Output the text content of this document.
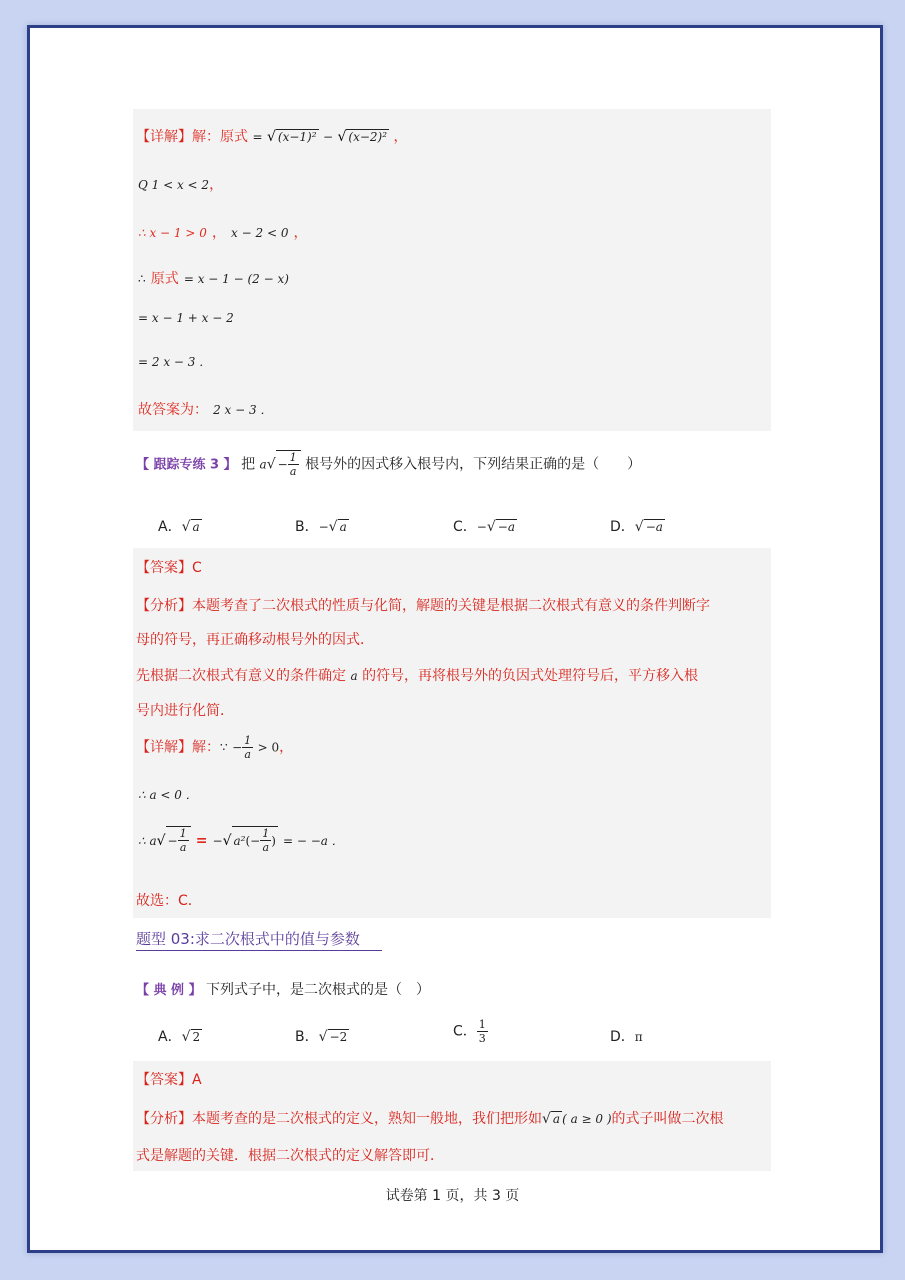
【详解】解：原式 = √ (x−1)² − √ (x−2)² ，
Q 1 < x < 2，
∴ x − 1 > 0 ， x − 2 < 0 ，
∴ 原式 = x − 1 − (2 − x)
= x − 1 + x − 2
= 2 x − 3 ．
故答案为： 2 x − 3 ．
【 跟踪专练 3 】 把 $a√ - \frac{1}{a}$ 根号外的因式移入根号内，下列结果正确的是（　　）
A．√ a	B．−√ a	C．−√ −a	D．√ −a
【答案】C
【分析】本题考查了二次根式的性质与化简，解题的关键是根据二次根式有意义的条件判断字
母的符号，再正确移动根号外的因式．
先根据二次根式有意义的条件确定 a 的符号，再将根号外的负因式处理符号后，平方移入根
号内进行化简．
【详解】解：∵ − $\frac{1}{a} > 0$，
∴ a < 0 ．
∴ $a√ - \frac{1}{a}$ = −√ $a^2(- \frac{1}{a}$ ) = − −a ．
故选：C．
题型 03:求二次根式中的值与参数
【 典 例 】 下列式子中，是二次根式的是（　）
A．√ 2	B．√ −2	C． $\frac{1}{3}$	D．π
【答案】A
【分析】本题考查的是二次根式的定义，熟知一般地，我们把形如√ a ( a ≥ 0 )的式子叫做二次根
式是解题的关键．根据二次根式的定义解答即可．
试卷第 1 页，共 3 页
